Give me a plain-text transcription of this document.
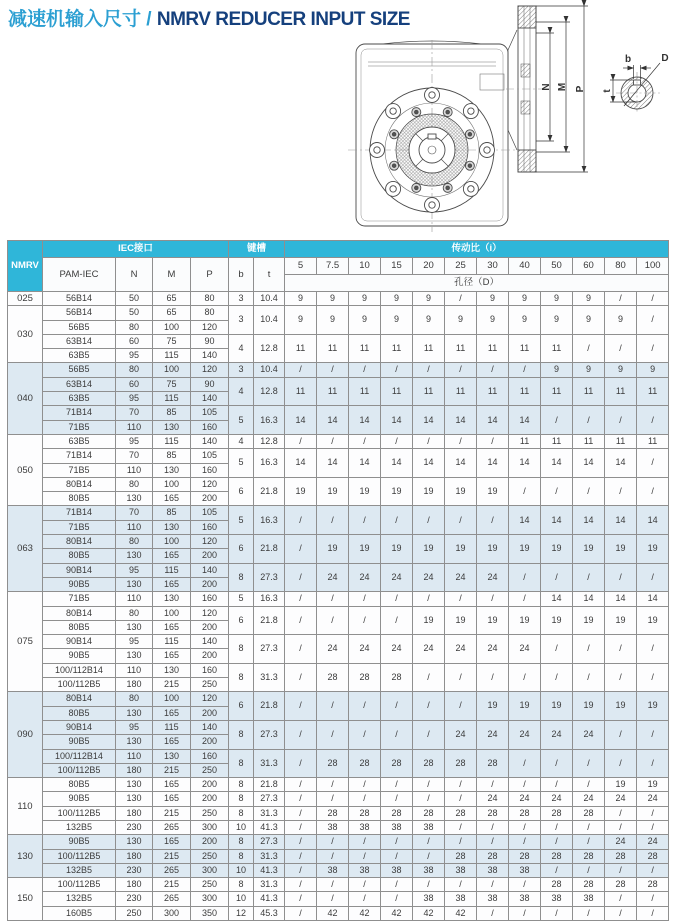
减速机输入尺寸 / NMRV REDUCER INPUT SIZE
N M P
b	D
t
NMRV	IEC接口				键槽		传动比（i）											
	PAM-IEC	N	M	P	b	t	5	7.5	10	15	20	25	30	40	50	60	80	100
							孔径（D）											
025	56B14	50	65	80	3	10.4	9	9	9	9	9	/	9	9	9	9	/	/
030	56B14	50	65	80	3	10.4	9	9	9	9	9	9	9	9	9	9	9	/
	56B5	80	100	120														
	63B14	60	75	90	4	12.8	11	11	11	11	11	11	11	11	11	/	/	/
	63B5	95	115	140														
040	56B5	80	100	120	3	10.4	/	/	/	/	/	/	/	/	9	9	9	9
	63B14	60	75	90	4	12.8	11	11	11	11	11	11	11	11	11	11	11	11
	63B5	95	115	140														
	71B14	70	85	105	5	16.3	14	14	14	14	14	14	14	14	/	/	/	/
	71B5	110	130	160														
050	63B5	95	115	140	4	12.8	/	/	/	/	/	/	/	11	11	11	11	11
	71B14	70	85	105	5	16.3	14	14	14	14	14	14	14	14	14	14	14	/
	71B5	110	130	160														
	80B14	80	100	120	6	21.8	19	19	19	19	19	19	19	/	/	/	/	/
	80B5	130	165	200														
063	71B14	70	85	105	5	16.3	/	/	/	/	/	/	/	14	14	14	14	14
	71B5	110	130	160														
	80B14	80	100	120	6	21.8	/	19	19	19	19	19	19	19	19	19	19	19
	80B5	130	165	200														
	90B14	95	115	140	8	27.3	/	24	24	24	24	24	24	/	/	/	/	/
	90B5	130	165	200														
075	71B5	110	130	160	5	16.3	/	/	/	/	/	/	/	/	14	14	14	14
	80B14	80	100	120	6	21.8	/	/	/	/	19	19	19	19	19	19	19	19
	80B5	130	165	200														
	90B14	95	115	140	8	27.3	/	24	24	24	24	24	24	24	/	/	/	/
	90B5	130	165	200														
	100/112B14	110	130	160	8	31.3	/	28	28	28	/	/	/	/	/	/	/	/
	100/112B5	180	215	250														
090	80B14	80	100	120	6	21.8	/	/	/	/	/	/	19	19	19	19	19	19
	80B5	130	165	200														
	90B14	95	115	140	8	27.3	/	/	/	/	/	24	24	24	24	24	/	/
	90B5	130	165	200														
	100/112B14	110	130	160	8	31.3	/	28	28	28	28	28	28	/	/	/	/	/
	100/112B5	180	215	250														
110	80B5	130	165	200	8	21.8	/	/	/	/	/	/	/	/	/	/	19	19
	90B5	130	165	200	8	27.3	/	/	/	/	/	/	24	24	24	24	24	24
	100/112B5	180	215	250	8	31.3	/	28	28	28	28	28	28	28	28	28	/	/
	132B5	230	265	300	10	41.3	/	38	38	38	38	/	/	/	/	/	/	/
130	90B5	130	165	200	8	27.3	/	/	/	/	/	/	/	/	/	/	24	24
	100/112B5	180	215	250	8	31.3	/	/	/	/	/	28	28	28	28	28	28	28
	132B5	230	265	300	10	41.3	/	38	38	38	38	38	38	38	/	/	/	/
150	100/112B5	180	215	250	8	31.3	/	/	/	/	/	/	/	/	28	28	28	28
	132B5	230	265	300	10	41.3	/	/	/	/	38	38	38	38	38	38	/	/
	160B5	250	300	350	12	45.3	/	42	42	42	42	42	/	/	/	/	/	/
